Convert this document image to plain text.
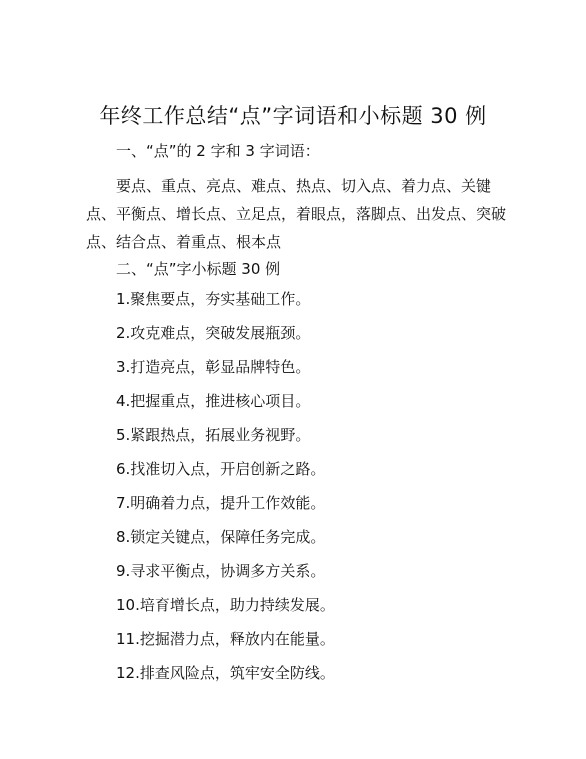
年终工作总结“点”字词语和小标题 30 例
一、“点”的 2 字和 3 字词语：
要点、重点、亮点、难点、热点、切入点、着力点、关键点、平衡点、增长点、立足点，着眼点，落脚点、出发点、突破点、结合点、着重点、根本点
二、“点”字小标题 30 例
1.聚焦要点，夯实基础工作。
2.攻克难点，突破发展瓶颈。
3.打造亮点，彰显品牌特色。
4.把握重点，推进核心项目。
5.紧跟热点，拓展业务视野。
6.找准切入点，开启创新之路。
7.明确着力点，提升工作效能。
8.锁定关键点，保障任务完成。
9.寻求平衡点，协调多方关系。
10.培育增长点，助力持续发展。
11.挖掘潜力点，释放内在能量。
12.排查风险点，筑牢安全防线。
